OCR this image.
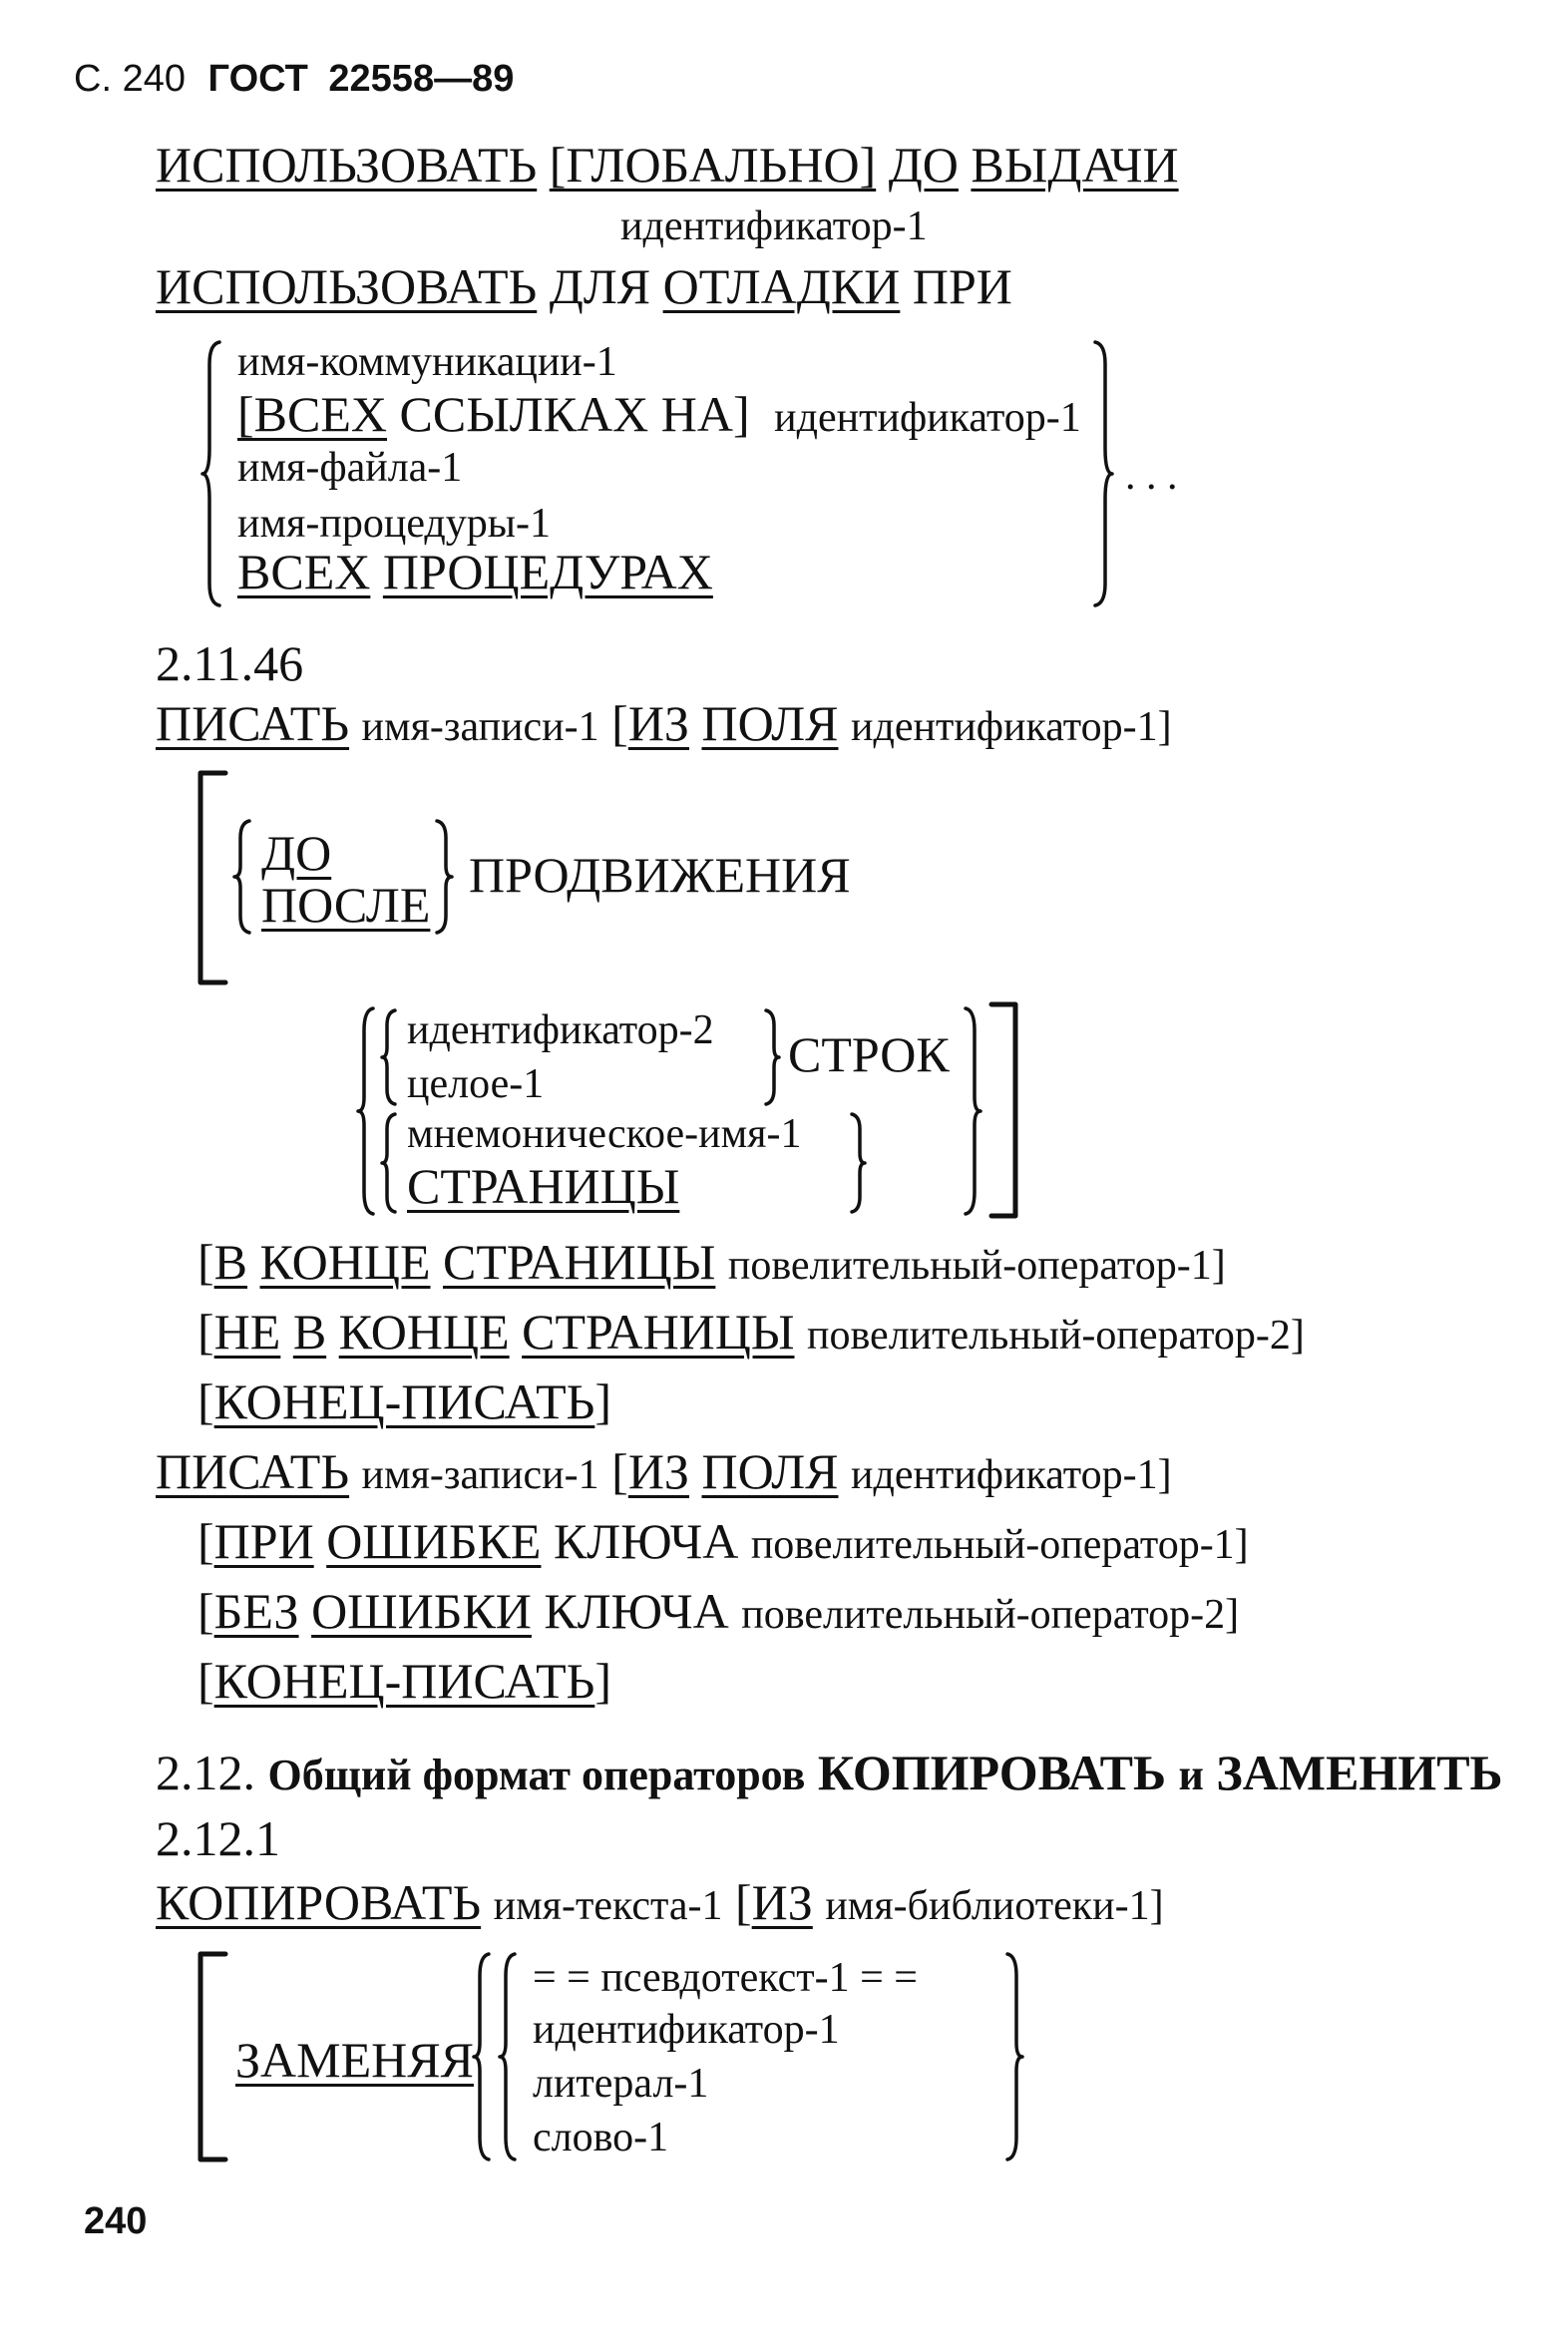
С. 240 ГОСТ 22558—89
ИСПОЛЬЗОВАТЬ [ГЛОБАЛЬНО] ДО ВЫДАЧИ
идентификатор-1
ИСПОЛЬЗОВАТЬ ДЛЯ ОТЛАДКИ ПРИ
имя-коммуникации-1
[ВСЕХ ССЫЛКАХ НА] идентификатор-1
имя-файла-1
имя-процедуры-1
ВСЕХ ПРОЦЕДУРАХ
. . .
2.11.46
ПИСАТЬ имя-записи-1 [ИЗ ПОЛЯ идентификатор-1]
ДО
ПОСЛЕ
ПРОДВИЖЕНИЯ
идентификатор-2
целое-1
СТРОК
мнемоническое-имя-1
СТРАНИЦЫ
[В КОНЦЕ СТРАНИЦЫ повелительный-оператор-1]
[НЕ В КОНЦЕ СТРАНИЦЫ повелительный-оператор-2]
[КОНЕЦ-ПИСАТЬ]
ПИСАТЬ имя-записи-1 [ИЗ ПОЛЯ идентификатор-1]
[ПРИ ОШИБКЕ КЛЮЧА повелительный-оператор-1]
[БЕЗ ОШИБКИ КЛЮЧА повелительный-оператор-2]
[КОНЕЦ-ПИСАТЬ]
2.12. Общий формат операторов КОПИРОВАТЬ и ЗАМЕНИТЬ
2.12.1
КОПИРОВАТЬ имя-текста-1 [ИЗ имя-библиотеки-1]
ЗАМЕНЯЯ
= = псевдотекст-1 = =
идентификатор-1
литерал-1
слово-1
240
